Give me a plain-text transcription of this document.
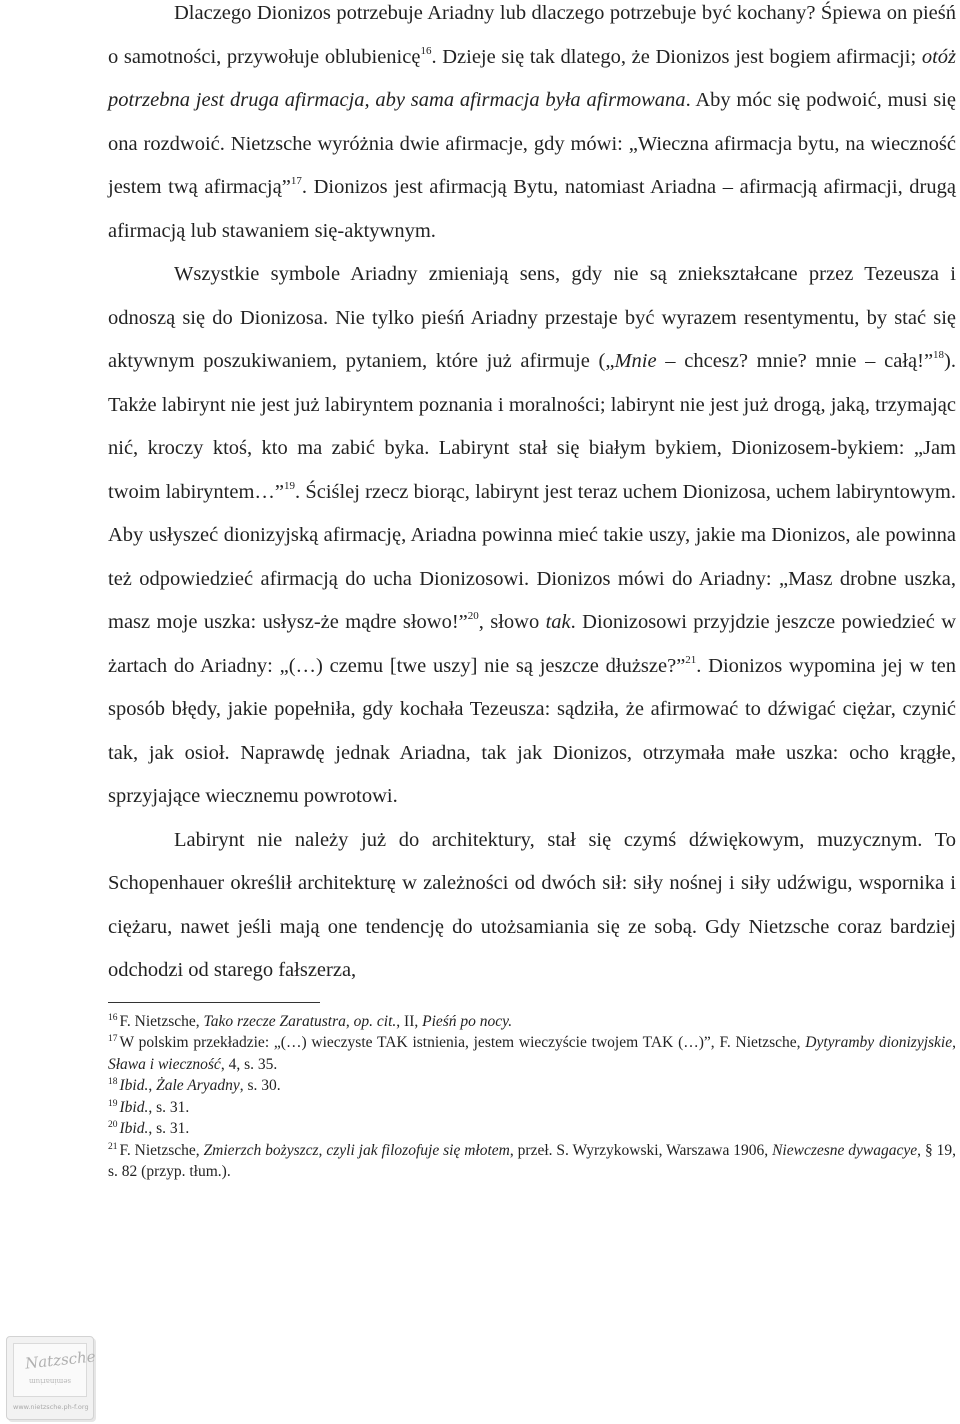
Dlaczego Dionizos potrzebuje Ariadny lub dlaczego potrzebuje być kochany? Śpiewa on pieśń o samotności, przywołuje oblubienicę$^{16}$. Dzieje się tak dlatego, że Dionizos jest bogiem afirmacji; otóż potrzebna jest druga afirmacja, aby sama afirmacja była afirmowana. Aby móc się podwoić, musi się ona rozdwoić. Nietzsche wyróżnia dwie afirmacje, gdy mówi: „Wieczna afirmacja bytu, na wieczność jestem twą afirmacją”$^{17}$. Dionizos jest afirmacją Bytu, natomiast Ariadna – afirmacją afirmacji, drugą afirmacją lub stawaniem się-aktywnym.

Wszystkie symbole Ariadny zmieniają sens, gdy nie są zniekształcane przez Tezeusza i odnoszą się do Dionizosa. Nie tylko pieśń Ariadny przestaje być wyrazem resentymentu, by stać się aktywnym poszukiwaniem, pytaniem, które już afirmuje („Mnie – chcesz? mnie? mnie – całą!”$^{18}$). Także labirynt nie jest już labiryntem poznania i moralności; labirynt nie jest już drogą, jaką, trzymając nić, kroczy ktoś, kto ma zabić byka. Labirynt stał się białym bykiem, Dionizosem-bykiem: „Jam twoim labiryntem…”$^{19}$. Ściślej rzecz biorąc, labirynt jest teraz uchem Dionizosa, uchem labiryntowym. Aby usłyszeć dionizyjską afirmację, Ariadna powinna mieć takie uszy, jakie ma Dionizos, ale powinna też odpowiedzieć afirmacją do ucha Dionizosowi. Dionizos mówi do Ariadny: „Masz drobne uszka, masz moje uszka: usłysz-że mądre słowo!”$^{20}$, słowo tak. Dionizosowi przyjdzie jeszcze powiedzieć w żartach do Ariadny: „(…) czemu [twe uszy] nie są jeszcze dłuższe?”$^{21}$. Dionizos wypomina jej w ten sposób błędy, jakie popełniła, gdy kochała Tezeusza: sądziła, że afirmować to dźwigać ciężar, czynić tak, jak osioł. Naprawdę jednak Ariadna, tak jak Dionizos, otrzymała małe uszka: ocho krągłe, sprzyjające wiecznemu powrotowi.

Labirynt nie należy już do architektury, stał się czymś dźwiękowym, muzycznym. To Schopenhauer określił architekturę w zależności od dwóch sił: siły nośnej i siły udźwigu, wspornika i ciężaru, nawet jeśli mają one tendencję do utożsamiania się ze sobą. Gdy Nietzsche coraz bardziej odchodzi od starego fałszerza,

$^{16}$ F. Nietzsche, Tako rzecze Zaratustra, op. cit., II, Pieśń po nocy.

$^{17}$ W polskim przekładzie: „(…) wieczyste TAK istnienia, jestem wieczyście twojem TAK (…)”, F. Nietzsche, Dytyramby dionizyjskie, Sława i wieczność, 4, s. 35.

$^{18}$ Ibid., Żale Aryadny, s. 30.

$^{19}$ Ibid., s. 31.

$^{20}$ Ibid., s. 31.

$^{21}$ F. Nietzsche, Zmierzch bożyszcz, czyli jak filozofuje się młotem, przeł. S. Wyrzykowski, Warszawa 1906, Niewczesne dywagacye, § 19, s. 82 (przyp. tłum.).

Natzsche
seminarium
www.nietzsche.ph-f.org
